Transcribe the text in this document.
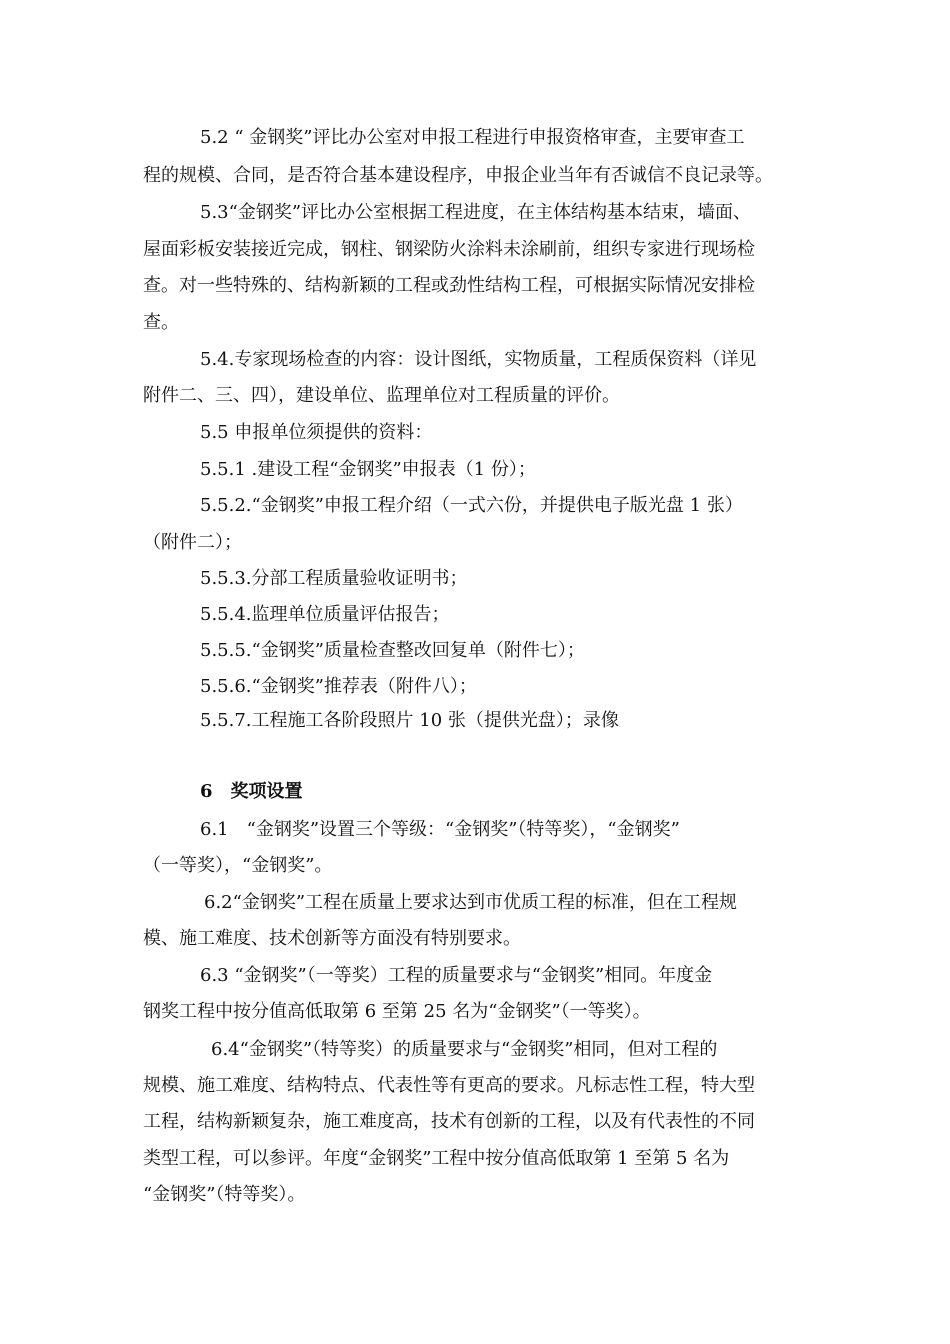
5.2 “ 金钢奖”评比办公室对申报工程进行申报资格审查，主要审查工
程的规模、合同，是否符合基本建设程序，申报企业当年有否诚信不良记录等。
5.3“金钢奖”评比办公室根据工程进度，在主体结构基本结束，墙面、
屋面彩板安装接近完成，钢柱、钢梁防火涂料未涂刷前，组织专家进行现场检
查。对一些特殊的、结构新颖的工程或劲性结构工程，可根据实际情况安排检
查。
5.4.专家现场检查的内容：设计图纸，实物质量，工程质保资料（详见
附件二、三、四），建设单位、监理单位对工程质量的评价。
5.5 申报单位须提供的资料：
5.5.1 .建设工程“金钢奖”申报表（1 份）；
5.5.2.“金钢奖”申报工程介绍（一式六份，并提供电子版光盘 1 张）
（附件二）；
5.5.3.分部工程质量验收证明书；
5.5.4.监理单位质量评估报告；
5.5.5.“金钢奖”质量检查整改回复单（附件七）；
5.5.6.“金钢奖”推荐表（附件八）；
5.5.7.工程施工各阶段照片 10 张（提供光盘）；录像
6　奖项设置
6.1　“金钢奖”设置三个等级：“金钢奖”（特等奖），“金钢奖”
（一等奖），“金钢奖”。
6.2“金钢奖”工程在质量上要求达到市优质工程的标准，但在工程规
模、施工难度、技术创新等方面没有特别要求。
6.3 “金钢奖”（一等奖）工程的质量要求与“金钢奖”相同。年度金
钢奖工程中按分值高低取第 6 至第 25 名为“金钢奖”（一等奖）。
6.4“金钢奖”（特等奖）的质量要求与“金钢奖”相同，但对工程的
规模、施工难度、结构特点、代表性等有更高的要求。凡标志性工程，特大型
工程，结构新颖复杂，施工难度高，技术有创新的工程，以及有代表性的不同
类型工程，可以参评。年度“金钢奖”工程中按分值高低取第 1 至第 5 名为
“金钢奖”（特等奖）。
